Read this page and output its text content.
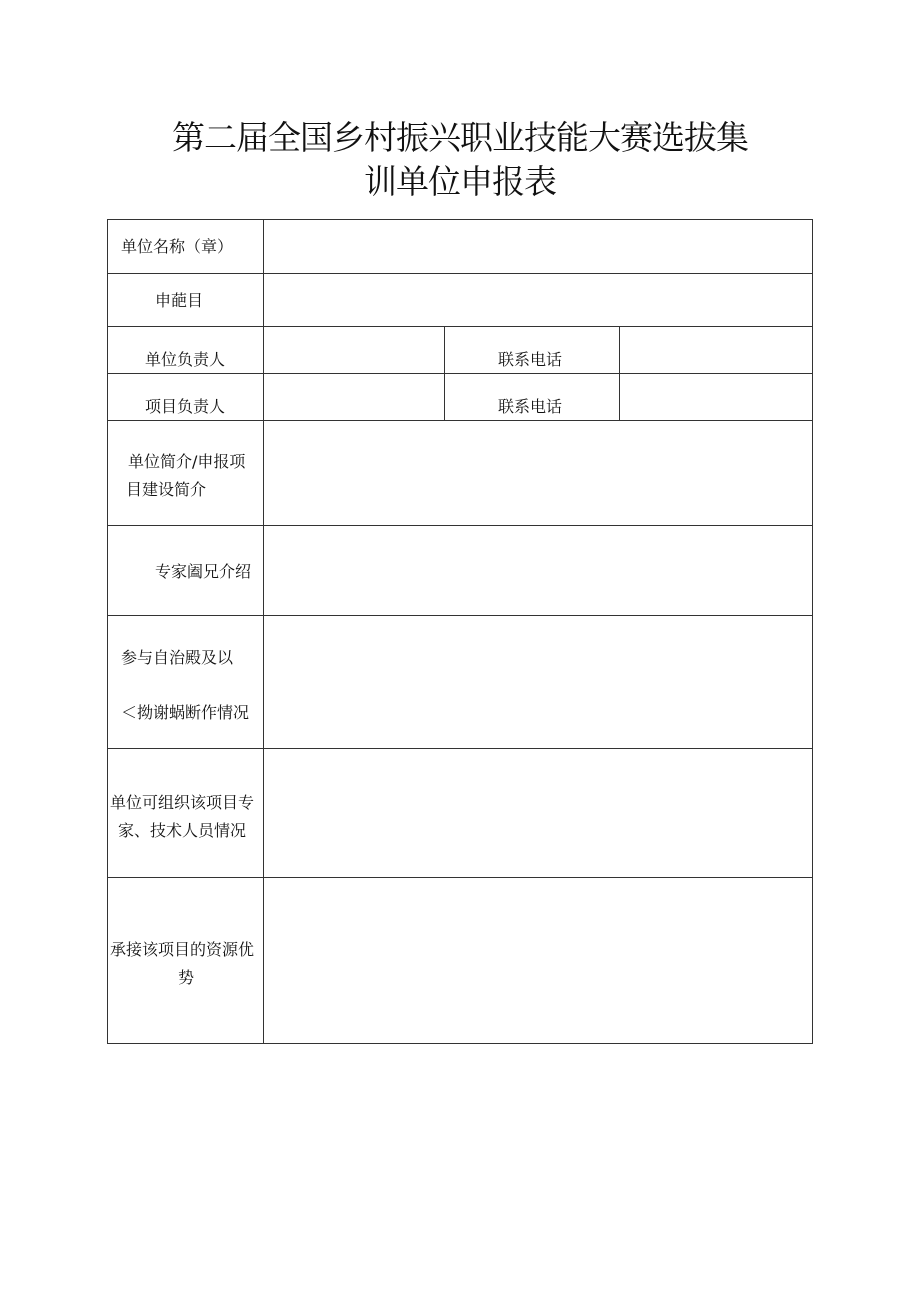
第二届全国乡村振兴职业技能大赛选拔集
训单位申报表
单位名称（章）
申葩目
单位负责人	联系电话
项目负责人	联系电话
单位简介/申报项
目建设简介
专家阖兄介绍
参与自治殿及以
＜拗谢蜗断作情况
单位可组织该项目专
家、技术人员情况
承接该项目的资源优
势
